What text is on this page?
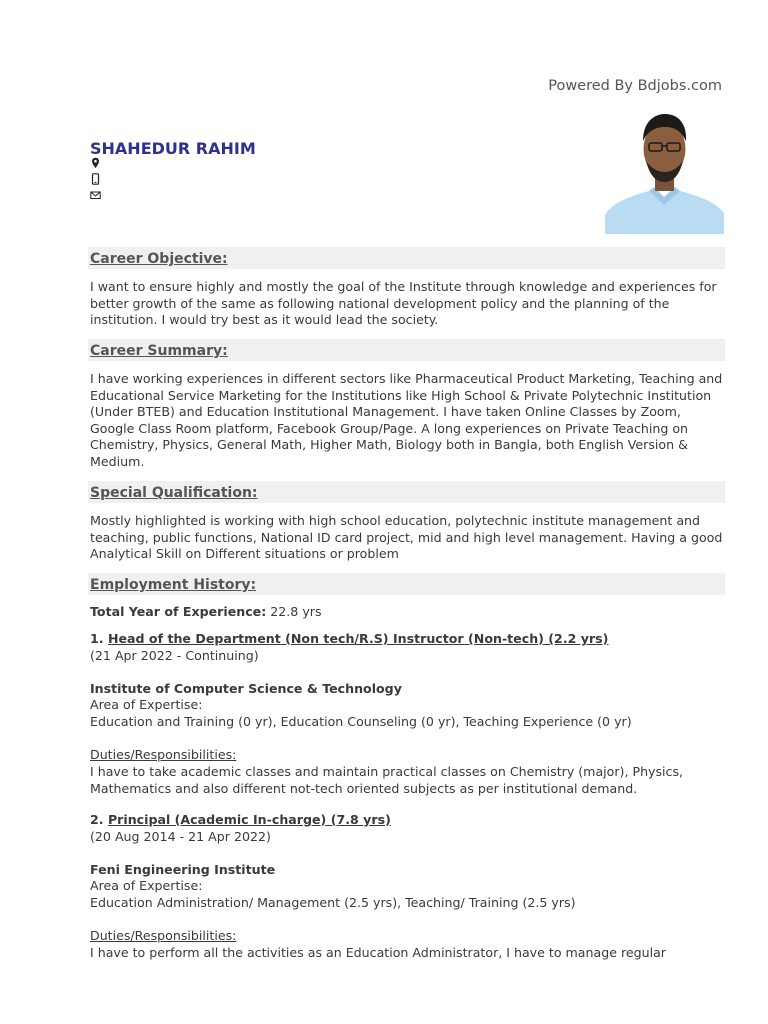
Powered By Bdjobs.com
SHAHEDUR RAHIM
Career Objective:
I want to ensure highly and mostly the goal of the Institute through knowledge and experiences for better growth of the same as following national development policy and the planning of the institution. I would try best as it would lead the society.
Career Summary:
I have working experiences in different sectors like Pharmaceutical Product Marketing, Teaching and Educational Service Marketing for the Institutions like High School & Private Polytechnic Institution (Under BTEB) and Education Institutional Management. I have taken Online Classes by Zoom, Google Class Room platform, Facebook Group/Page. A long experiences on Private Teaching on Chemistry, Physics, General Math, Higher Math, Biology both in Bangla, both English Version & Medium.
Special Qualification:
Mostly highlighted is working with high school education, polytechnic institute management and teaching, public functions, National ID card project, mid and high level management. Having a good Analytical Skill on Different situations or problem
Employment History:
Total Year of Experience: 22.8 yrs
1. Head of the Department (Non tech/R.S) Instructor (Non-tech) (2.2 yrs)
(21 Apr 2022 - Continuing)
Institute of Computer Science & Technology
Area of Expertise:
Education and Training (0 yr), Education Counseling (0 yr), Teaching Experience (0 yr)
Duties/Responsibilities:
I have to take academic classes and maintain practical classes on Chemistry (major), Physics, Mathematics and also different not-tech oriented subjects as per institutional demand.
2. Principal (Academic In-charge) (7.8 yrs)
(20 Aug 2014 - 21 Apr 2022)
Feni Engineering Institute
Area of Expertise:
Education Administration/ Management (2.5 yrs), Teaching/ Training (2.5 yrs)
Duties/Responsibilities:
I have to perform all the activities as an Education Administrator, I have to manage regular
